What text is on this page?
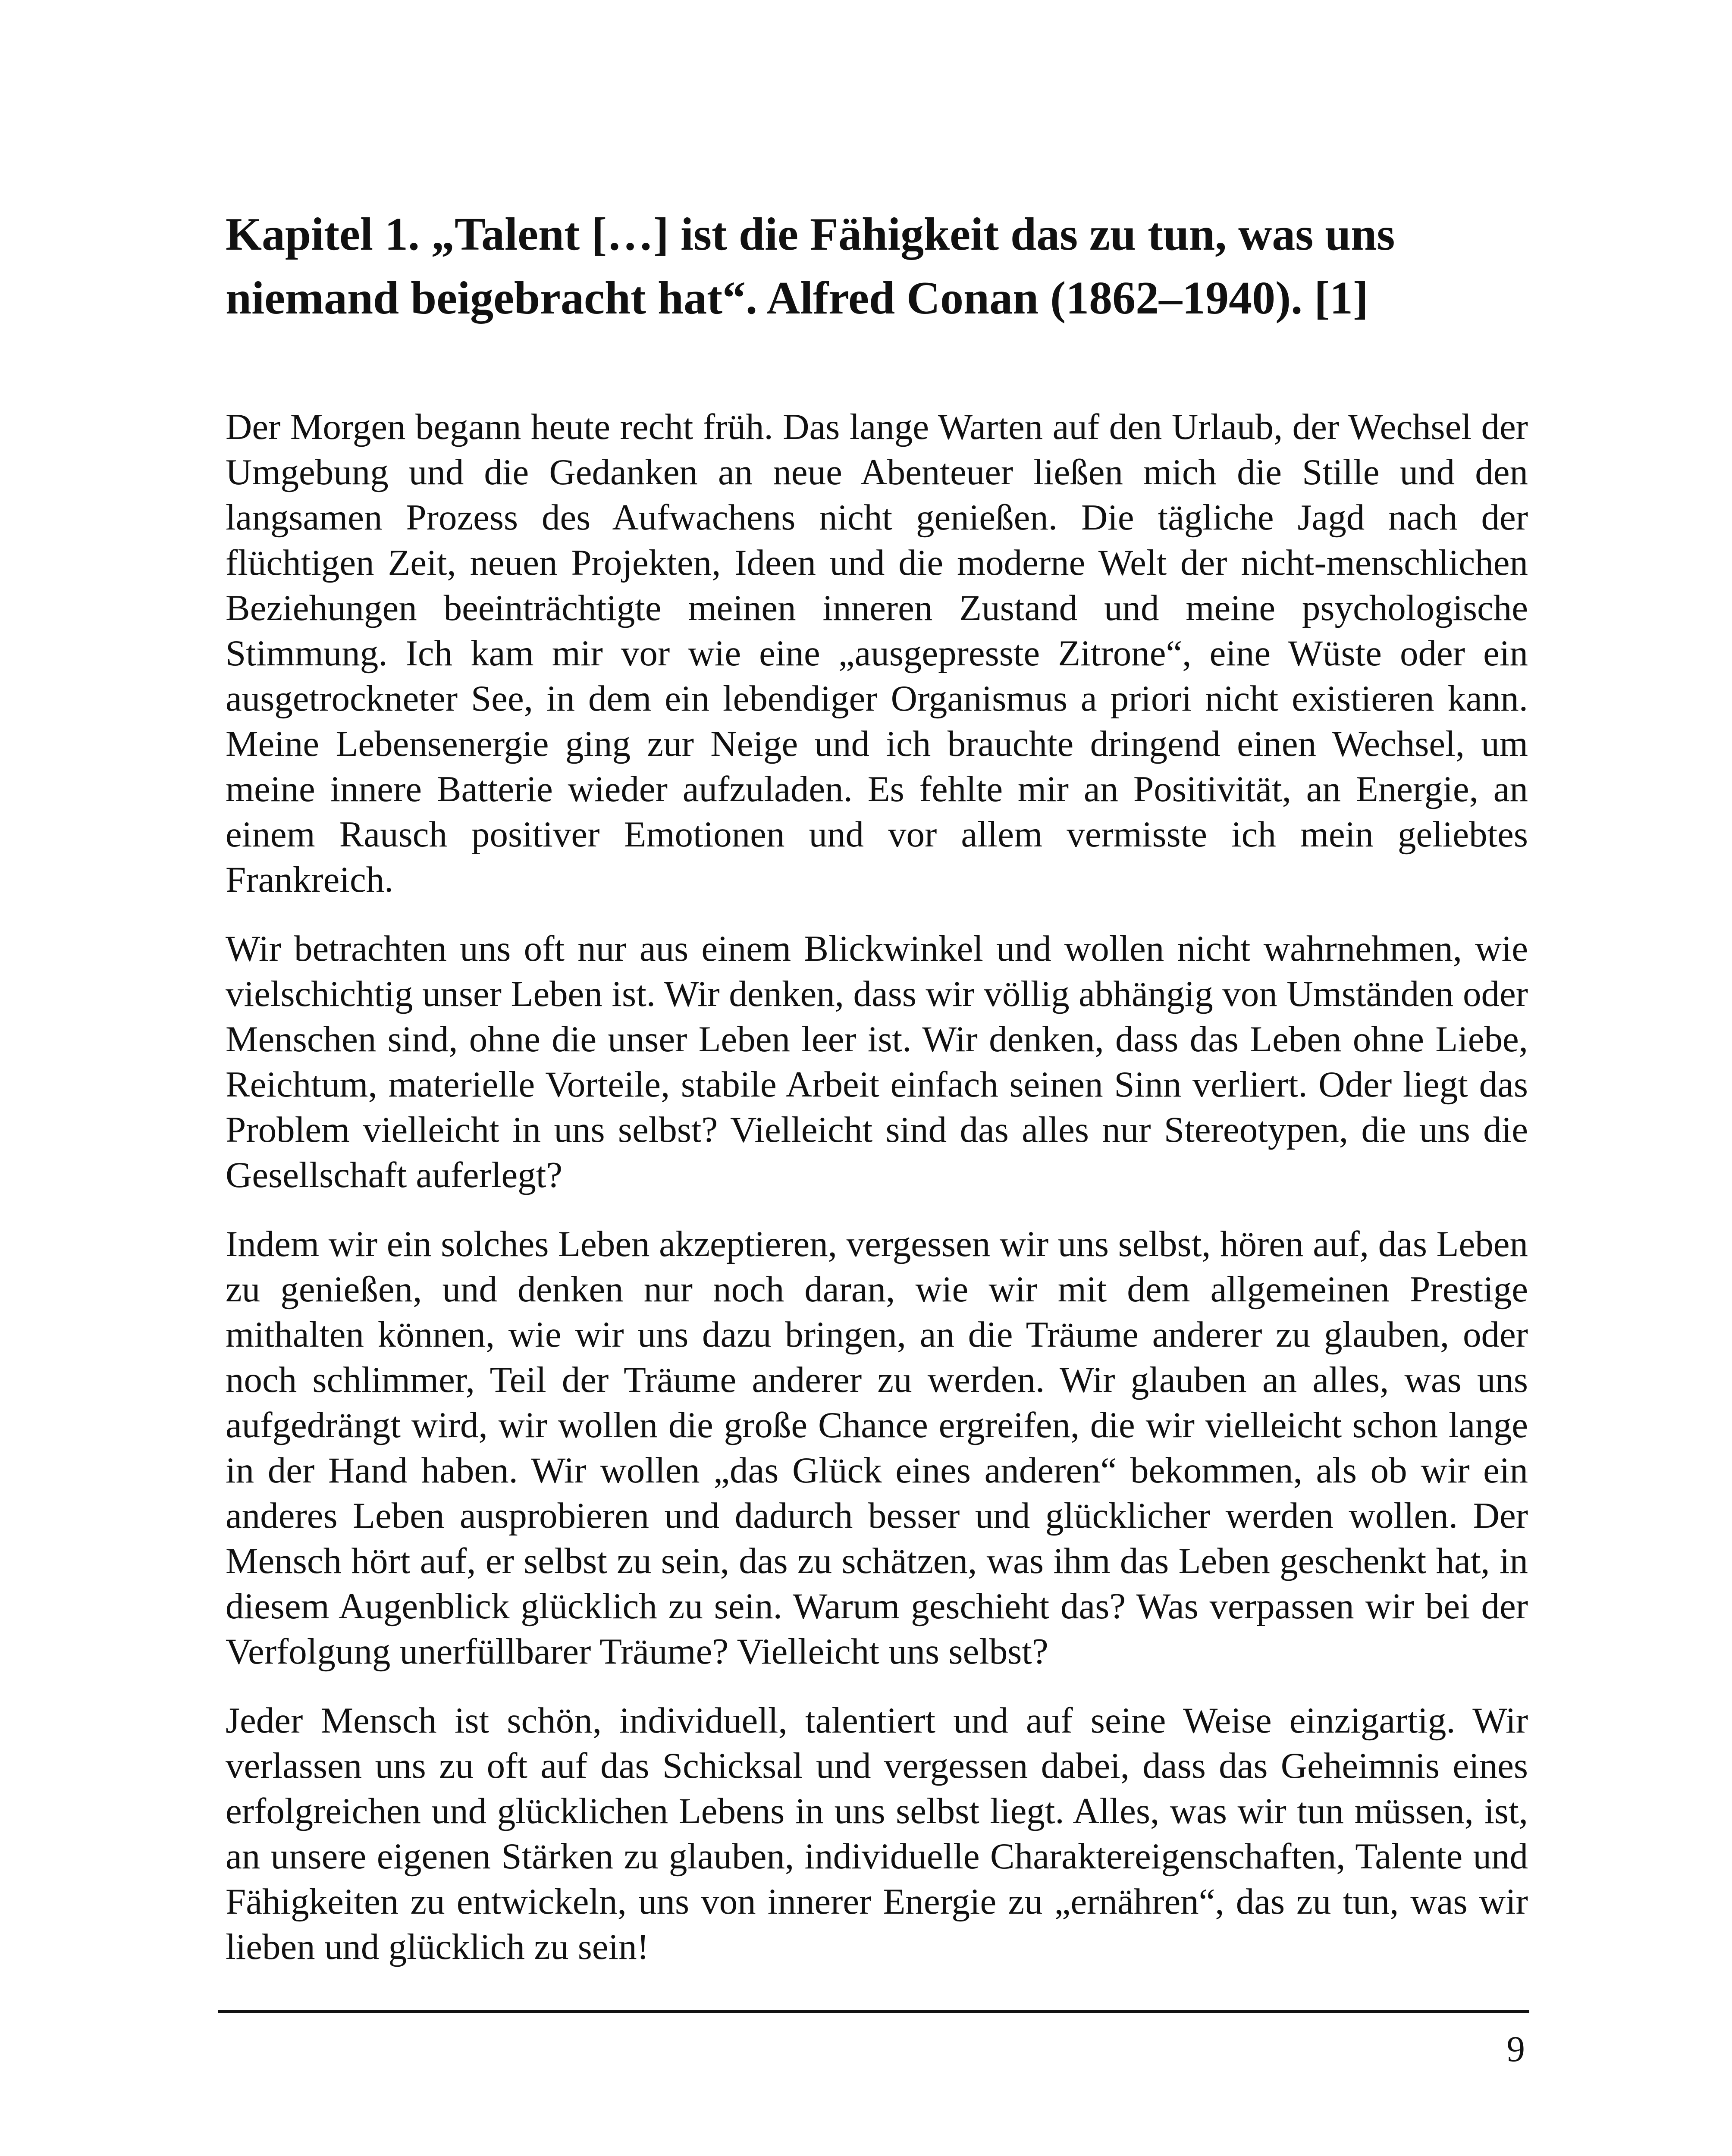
Kapitel 1. „Talent […] ist die Fähigkeit das zu tun, was uns niemand beigebracht hat“. Alfred Conan (1862–1940). [1]

Der Morgen begann heute recht früh. Das lange Warten auf den Urlaub, der Wechsel der Umgebung und die Gedanken an neue Abenteuer ließen mich die Stille und den langsamen Prozess des Aufwachens nicht genießen. Die tägliche Jagd nach der flüchtigen Zeit, neuen Projekten, Ideen und die moderne Welt der nicht-menschlichen Beziehungen beeinträchtigte meinen inneren Zustand und meine psychologische Stimmung. Ich kam mir vor wie eine „ausgepresste Zitrone“, eine Wüste oder ein ausgetrockneter See, in dem ein lebendiger Organismus a priori nicht existieren kann. Meine Lebensenergie ging zur Neige und ich brauchte dringend einen Wechsel, um meine innere Batterie wieder aufzuladen. Es fehlte mir an Positivität, an Energie, an einem Rausch positiver Emotionen und vor allem vermisste ich mein geliebtes Frankreich.

Wir betrachten uns oft nur aus einem Blickwinkel und wollen nicht wahrnehmen, wie vielschichtig unser Leben ist. Wir denken, dass wir völlig abhängig von Umständen oder Menschen sind, ohne die unser Leben leer ist. Wir denken, dass das Leben ohne Liebe, Reichtum, materielle Vorteile, stabile Arbeit einfach seinen Sinn verliert. Oder liegt das Problem vielleicht in uns selbst? Vielleicht sind das alles nur Stereotypen, die uns die Gesellschaft auferlegt?

Indem wir ein solches Leben akzeptieren, vergessen wir uns selbst, hören auf, das Leben zu genießen, und denken nur noch daran, wie wir mit dem allgemeinen Prestige mithalten können, wie wir uns dazu bringen, an die Träume anderer zu glauben, oder noch schlimmer, Teil der Träume anderer zu werden. Wir glauben an alles, was uns aufgedrängt wird, wir wollen die große Chance ergreifen, die wir vielleicht schon lange in der Hand haben. Wir wollen „das Glück eines anderen“ bekommen, als ob wir ein anderes Leben ausprobieren und dadurch besser und glücklicher werden wollen. Der Mensch hört auf, er selbst zu sein, das zu schätzen, was ihm das Leben geschenkt hat, in diesem Augenblick glücklich zu sein. Warum geschieht das? Was verpassen wir bei der Verfolgung unerfüllbarer Träume? Vielleicht uns selbst?

Jeder Mensch ist schön, individuell, talentiert und auf seine Weise einzigartig. Wir verlassen uns zu oft auf das Schicksal und vergessen dabei, dass das Geheimnis eines erfolgreichen und glücklichen Lebens in uns selbst liegt. Alles, was wir tun müssen, ist, an unsere eigenen Stärken zu glauben, individuelle Charaktereigenschaften, Talente und Fähigkeiten zu entwickeln, uns von innerer Energie zu „ernähren“, das zu tun, was wir lieben und glücklich zu sein!

9
